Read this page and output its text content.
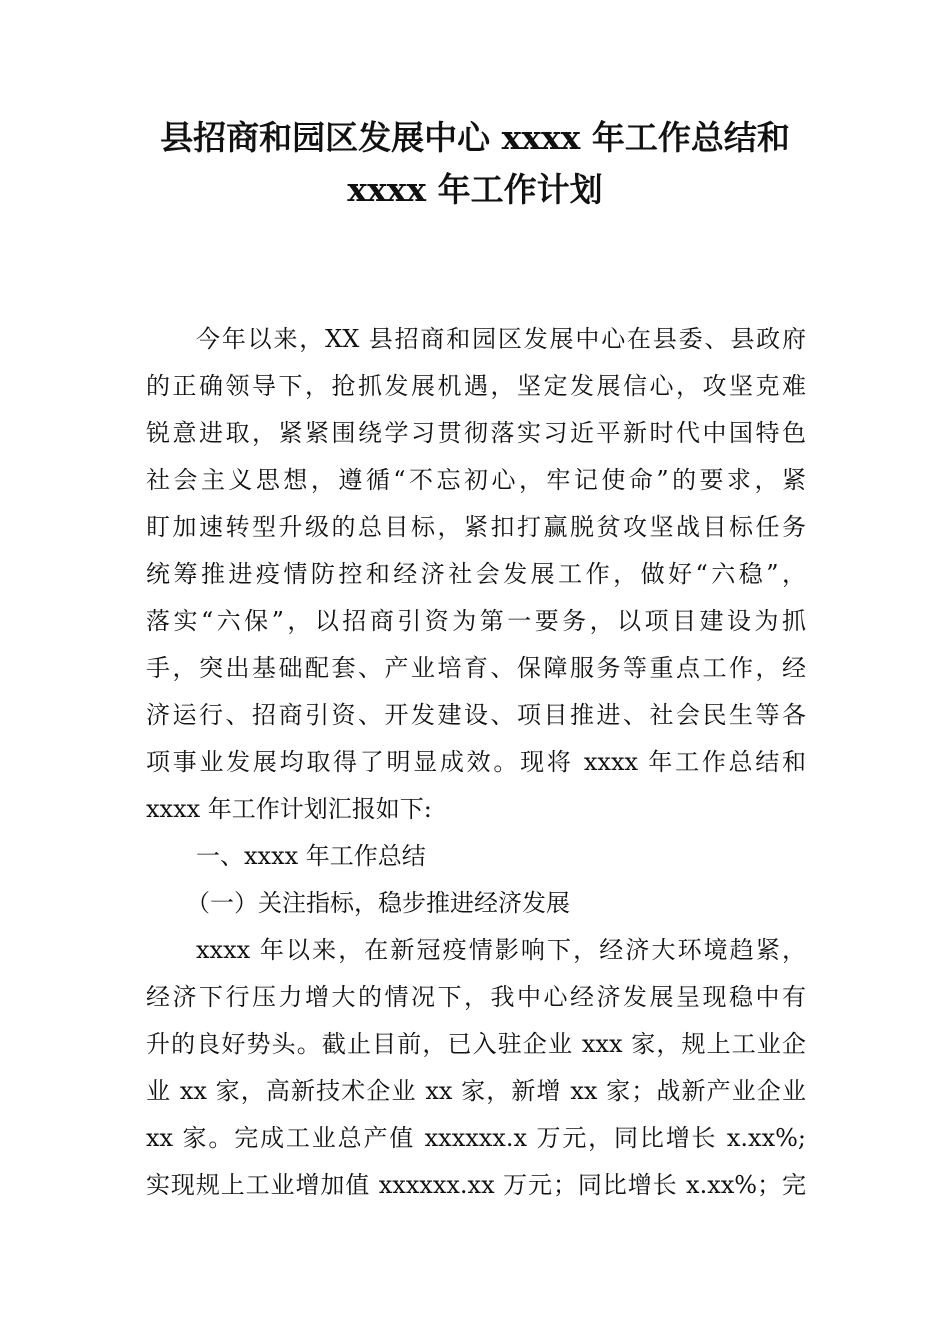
县招商和园区发展中心 xxxx 年工作总结和
xxxx 年工作计划
今年以来，XX 县招商和园区发展中心在县委、县政府
的正确领导下，抢抓发展机遇，坚定发展信心，攻坚克难
锐意进取，紧紧围绕学习贯彻落实习近平新时代中国特色
社会主义思想，遵循“不忘初心，牢记使命”的要求，紧
盯加速转型升级的总目标，紧扣打赢脱贫攻坚战目标任务
统筹推进疫情防控和经济社会发展工作，做好“六稳”，
落实“六保”，以招商引资为第一要务，以项目建设为抓
手，突出基础配套、产业培育、保障服务等重点工作，经
济运行、招商引资、开发建设、项目推进、社会民生等各
项事业发展均取得了明显成效。现将 xxxx 年工作总结和
xxxx 年工作计划汇报如下:
一、xxxx 年工作总结
（一）关注指标，稳步推进经济发展
xxxx 年以来，在新冠疫情影响下，经济大环境趋紧，
经济下行压力增大的情况下，我中心经济发展呈现稳中有
升的良好势头。截止目前，已入驻企业 xxx 家，规上工业企
业 xx 家，高新技术企业 xx 家，新增 xx 家；战新产业企业
xx 家。完成工业总产值 xxxxxx.x 万元，同比增长 x.xx%;
实现规上工业增加值 xxxxxx.xx 万元；同比增长 x.xx%；完
